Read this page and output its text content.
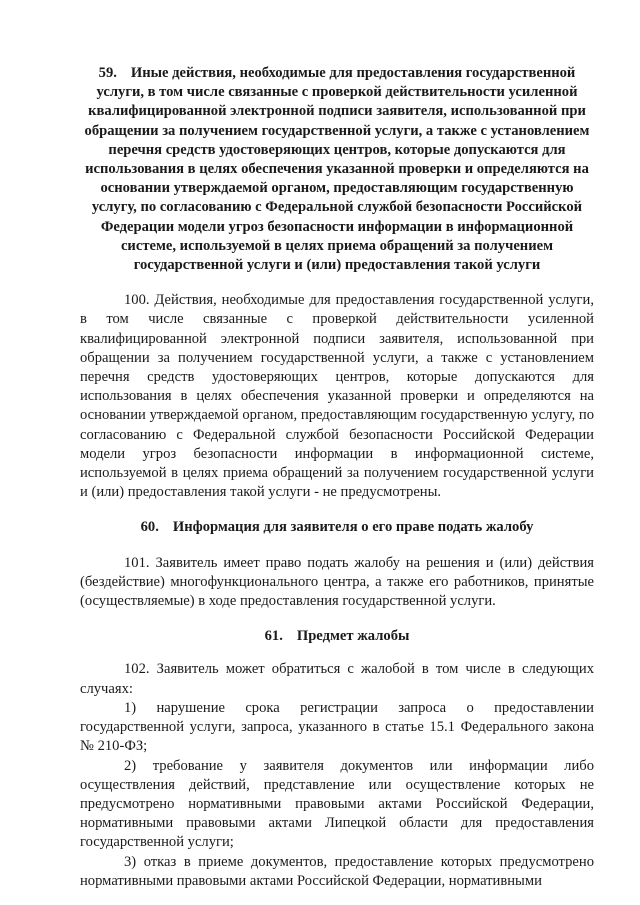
59. Иные действия, необходимые для предоставления государственной услуги, в том числе связанные с проверкой действительности усиленной квалифицированной электронной подписи заявителя, использованной при обращении за получением государственной услуги, а также с установлением перечня средств удостоверяющих центров, которые допускаются для использования в целях обеспечения указанной проверки и определяются на основании утверждаемой органом, предоставляющим государственную услугу, по согласованию с Федеральной службой безопасности Российской Федерации модели угроз безопасности информации в информационной системе, используемой в целях приема обращений за получением государственной услуги и (или) предоставления такой услуги

100. Действия, необходимые для предоставления государственной услуги, в том числе связанные с проверкой действительности усиленной квалифицированной электронной подписи заявителя, использованной при обращении за получением государственной услуги, а также с установлением перечня средств удостоверяющих центров, которые допускаются для использования в целях обеспечения указанной проверки и определяются на основании утверждаемой органом, предоставляющим государственную услугу, по согласованию с Федеральной службой безопасности Российской Федерации модели угроз безопасности информации в информационной системе, используемой в целях приема обращений за получением государственной услуги и (или) предоставления такой услуги - не предусмотрены.

60. Информация для заявителя о его праве подать жалобу

101. Заявитель имеет право подать жалобу на решения и (или) действия (бездействие) многофункционального центра, а также его работников, принятые (осуществляемые) в ходе предоставления государственной услуги.

61. Предмет жалобы

102. Заявитель может обратиться с жалобой в том числе в следующих случаях:

1) нарушение срока регистрации запроса о предоставлении государственной услуги, запроса, указанного в статье 15.1 Федерального закона № 210-ФЗ;

2) требование у заявителя документов или информации либо осуществления действий, представление или осуществление которых не предусмотрено нормативными правовыми актами Российской Федерации, нормативными правовыми актами Липецкой области для предоставления государственной услуги;

3) отказ в приеме документов, предоставление которых предусмотрено нормативными правовыми актами Российской Федерации, нормативными
